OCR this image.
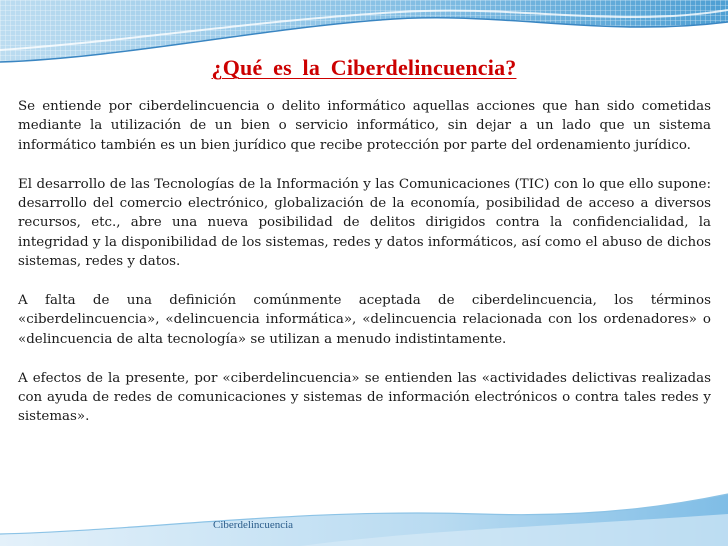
¿Qué es la Ciberdelincuencia?

Se entiende por ciberdelincuencia o delito informático aquellas acciones que han sido cometidas mediante la utilización de un bien o servicio informático, sin dejar a un lado que un sistema informático también es un bien jurídico que recibe protección por parte del ordenamiento jurídico.

El desarrollo de las Tecnologías de la Información y las Comunicaciones (TIC) con lo que ello supone: desarrollo del comercio electrónico, globalización de la economía, posibilidad de acceso a diversos recursos, etc., abre una nueva posibilidad de delitos dirigidos contra la confidencialidad, la integridad y la disponibilidad de los sistemas, redes y datos informáticos, así como el abuso de dichos sistemas, redes y datos.

A falta de una definición comúnmente aceptada de ciberdelincuencia, los términos «ciberdelincuencia», «delincuencia informática», «delincuencia relacionada con los ordenadores» o «delincuencia de alta tecnología» se utilizan a menudo indistintamente.

A efectos de la presente, por «ciberdelincuencia» se entienden las «actividades delictivas realizadas con ayuda de redes de comunicaciones y sistemas de información electrónicos o contra tales redes y sistemas».

Ciberdelincuencia
